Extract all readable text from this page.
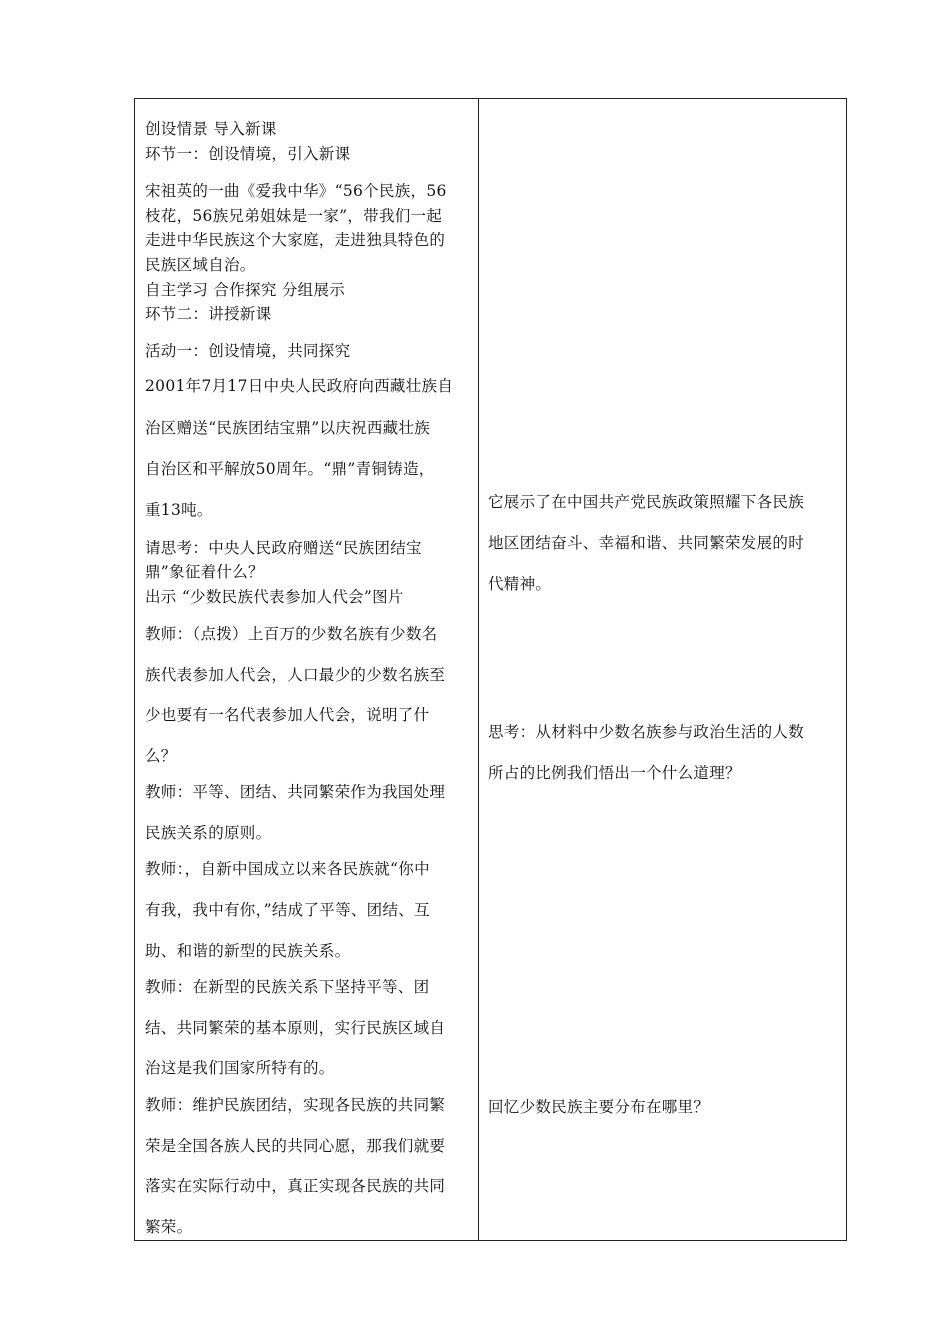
创设情景 导入新课
环节一：创设情境，引入新课
宋祖英的一曲《爱我中华》“56个民族，56
枝花，56族兄弟姐妹是一家”，带我们一起
走进中华民族这个大家庭，走进独具特色的
民族区域自治。
自主学习 合作探究 分组展示
环节二：讲授新课
活动一：创设情境，共同探究
2001年7月17日中央人民政府向西藏壮族自
治区赠送“民族团结宝鼎”以庆祝西藏壮族
自治区和平解放50周年。“鼎”青铜铸造，
重13吨。
请思考：中央人民政府赠送“民族团结宝
鼎”象征着什么？
出示 “少数民族代表参加人代会”图片
教师：（点拨）上百万的少数名族有少数名
族代表参加人代会，人口最少的少数名族至
少也要有一名代表参加人代会，说明了什
么？
教师：平等、团结、共同繁荣作为我国处理
民族关系的原则。
教师：，自新中国成立以来各民族就“你中
有我，我中有你，”结成了平等、团结、互
助、和谐的新型的民族关系。
教师：在新型的民族关系下坚持平等、团
结、共同繁荣的基本原则，实行民族区域自
治这是我们国家所特有的。
教师：维护民族团结，实现各民族的共同繁
荣是全国各族人民的共同心愿，那我们就要
落实在实际行动中，真正实现各民族的共同
繁荣。
它展示了在中国共产党民族政策照耀下各民族
地区团结奋斗、幸福和谐、共同繁荣发展的时
代精神。
思考：从材料中少数名族参与政治生活的人数
所占的比例我们悟出一个什么道理？
回忆少数民族主要分布在哪里？
